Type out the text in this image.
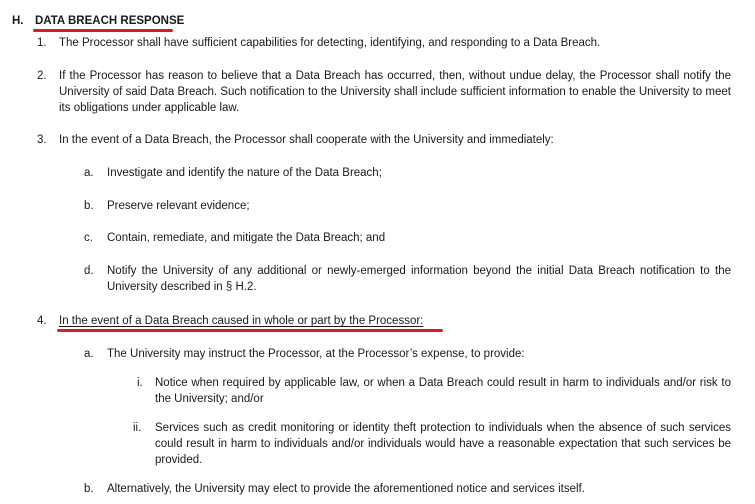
H. DATA BREACH RESPONSE
1. The Processor shall have sufficient capabilities for detecting, identifying, and responding to a Data Breach.
2. If the Processor has reason to believe that a Data Breach has occurred, then, without undue delay, the Processor shall notify the University of said Data Breach. Such notification to the University shall include sufficient information to enable the University to meet its obligations under applicable law.
3. In the event of a Data Breach, the Processor shall cooperate with the University and immediately:
a. Investigate and identify the nature of the Data Breach;
b. Preserve relevant evidence;
c. Contain, remediate, and mitigate the Data Breach; and
d. Notify the University of any additional or newly-emerged information beyond the initial Data Breach notification to the University described in § H.2.
4. In the event of a Data Breach caused in whole or part by the Processor:
a. The University may instruct the Processor, at the Processor’s expense, to provide:
i. Notice when required by applicable law, or when a Data Breach could result in harm to individuals and/or risk to the University; and/or
ii. Services such as credit monitoring or identity theft protection to individuals when the absence of such services could result in harm to individuals and/or individuals would have a reasonable expectation that such services be provided.
b. Alternatively, the University may elect to provide the aforementioned notice and services itself.
